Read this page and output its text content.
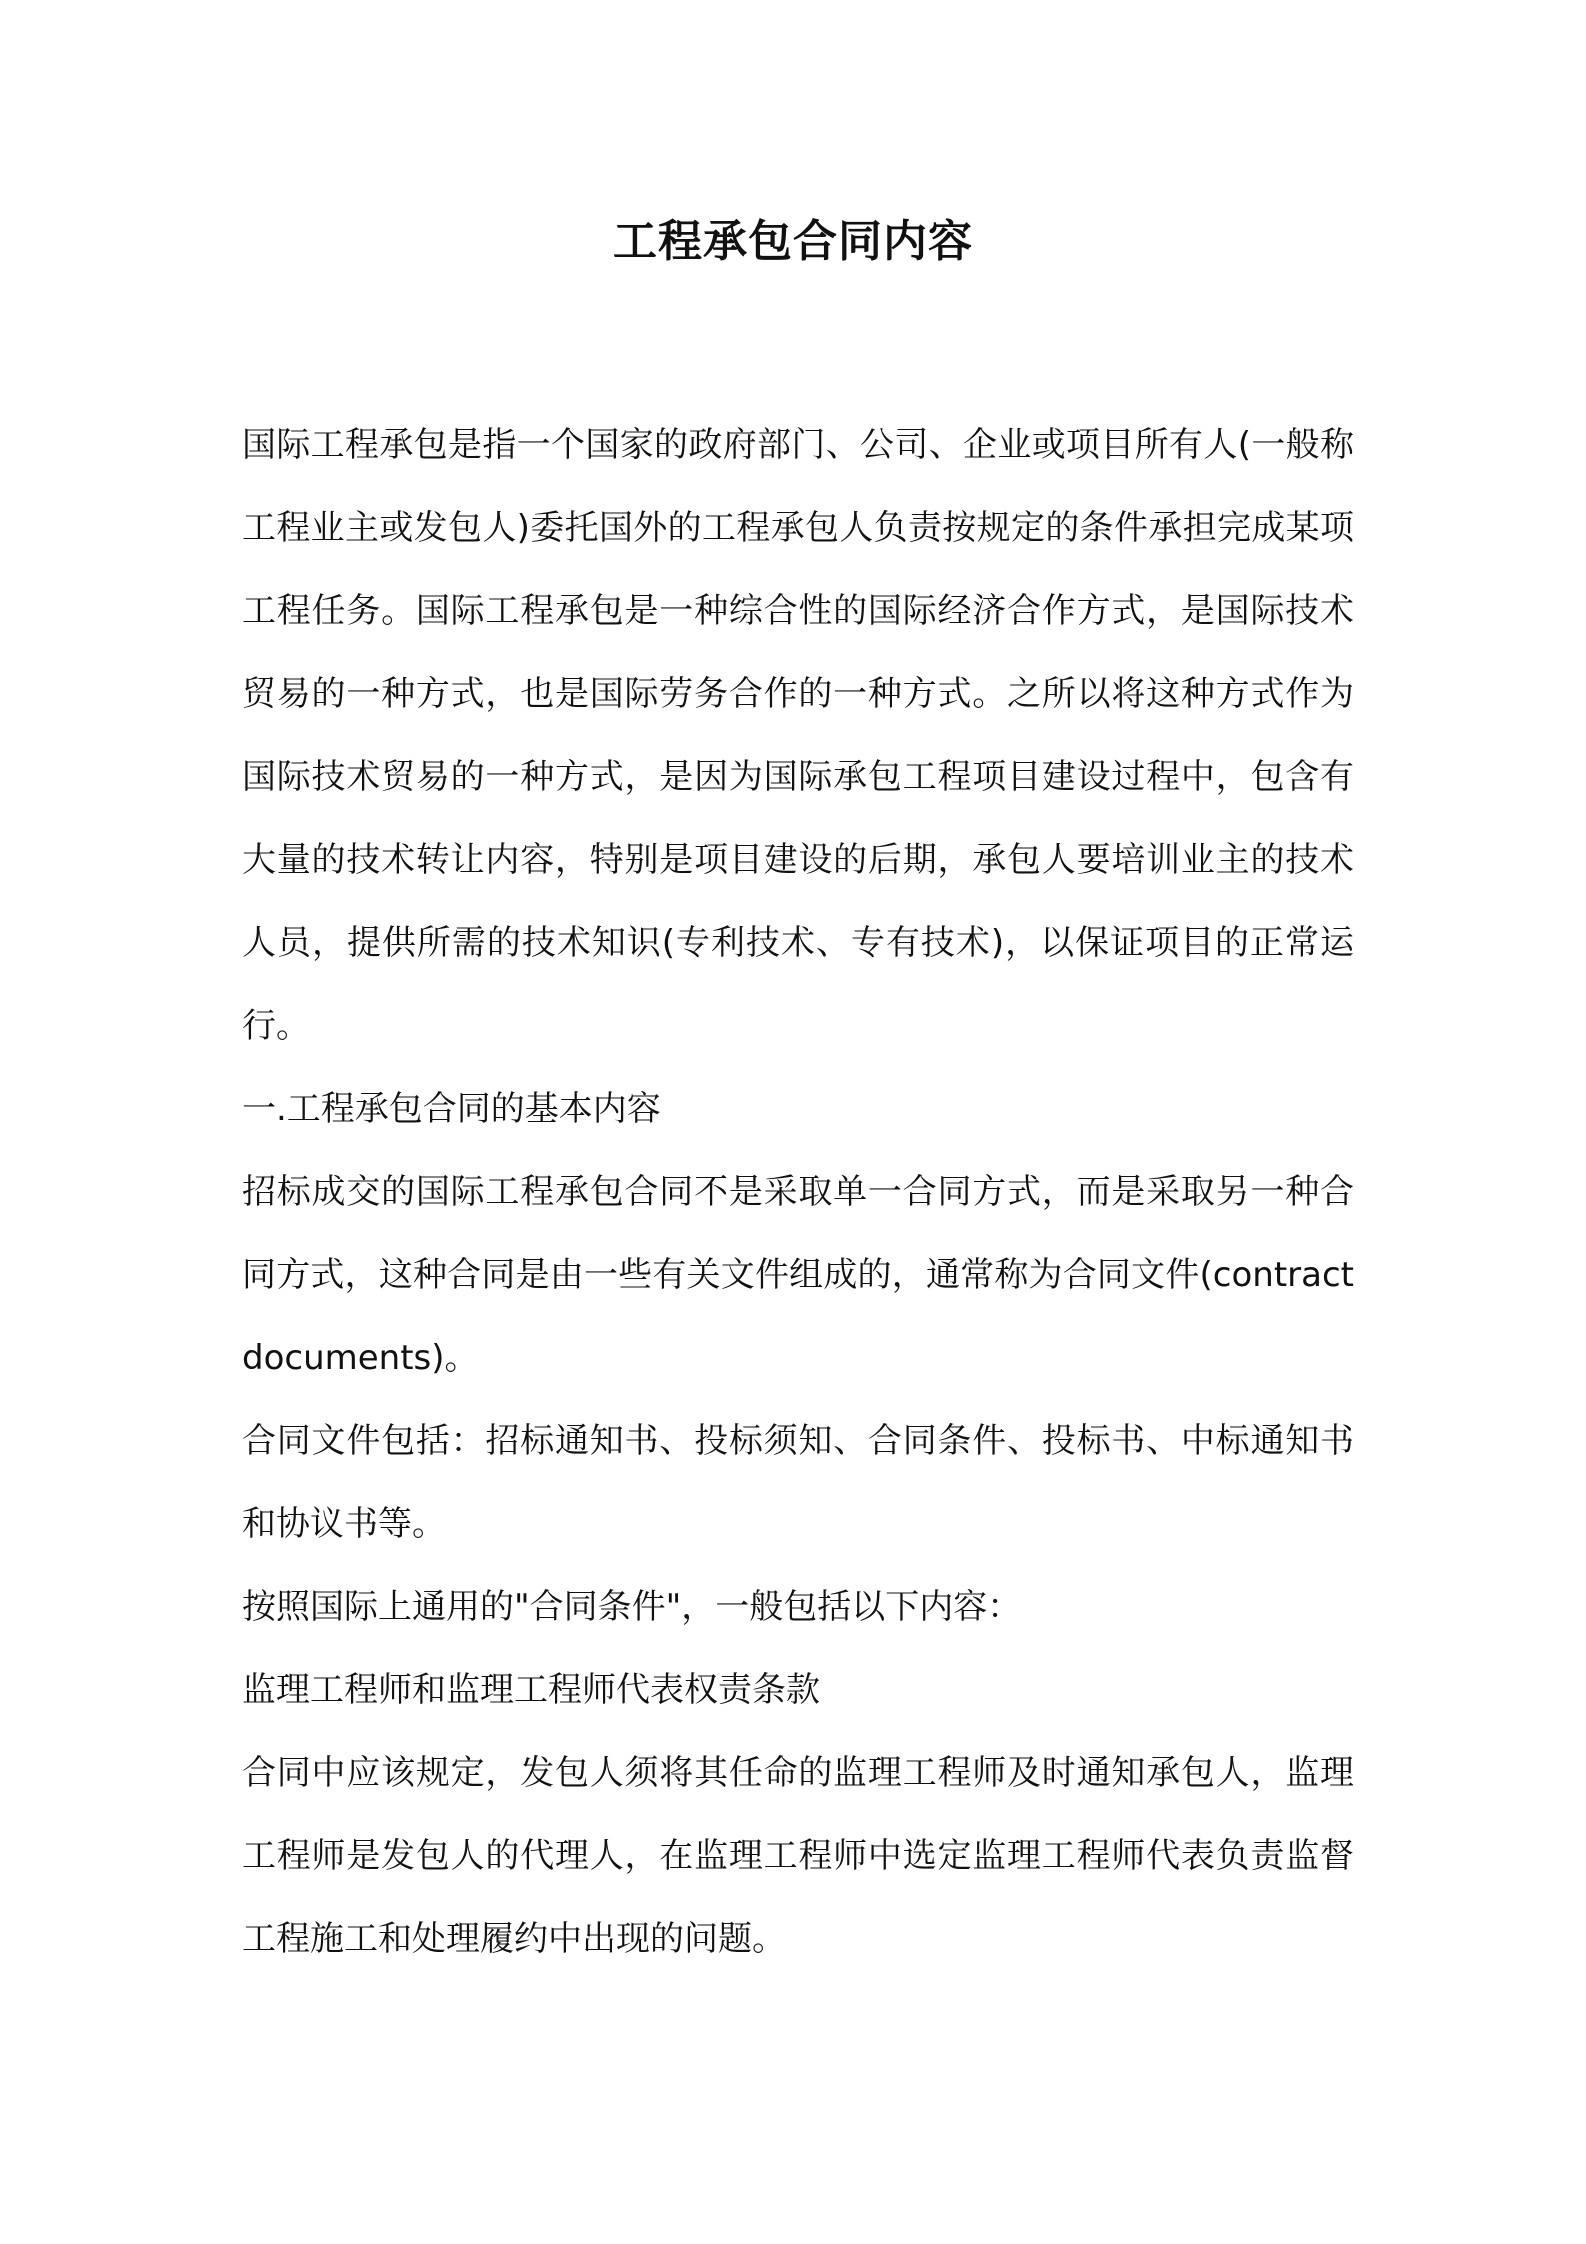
工程承包合同内容

国际工程承包是指一个国家的政府部门、公司、企业或项目所有人(一般称工程业主或发包人)委托国外的工程承包人负责按规定的条件承担完成某项工程任务。国际工程承包是一种综合性的国际经济合作方式，是国际技术贸易的一种方式，也是国际劳务合作的一种方式。之所以将这种方式作为国际技术贸易的一种方式，是因为国际承包工程项目建设过程中，包含有大量的技术转让内容，特别是项目建设的后期，承包人要培训业主的技术人员，提供所需的技术知识(专利技术、专有技术)，以保证项目的正常运行。

一.工程承包合同的基本内容

招标成交的国际工程承包合同不是采取单一合同方式，而是采取另一种合同方式，这种合同是由一些有关文件组成的，通常称为合同文件(contract documents)。

合同文件包括：招标通知书、投标须知、合同条件、投标书、中标通知书和协议书等。

按照国际上通用的"合同条件"，一般包括以下内容：

监理工程师和监理工程师代表权责条款

合同中应该规定，发包人须将其任命的监理工程师及时通知承包人，监理工程师是发包人的代理人，在监理工程师中选定监理工程师代表负责监督工程施工和处理履约中出现的问题。
